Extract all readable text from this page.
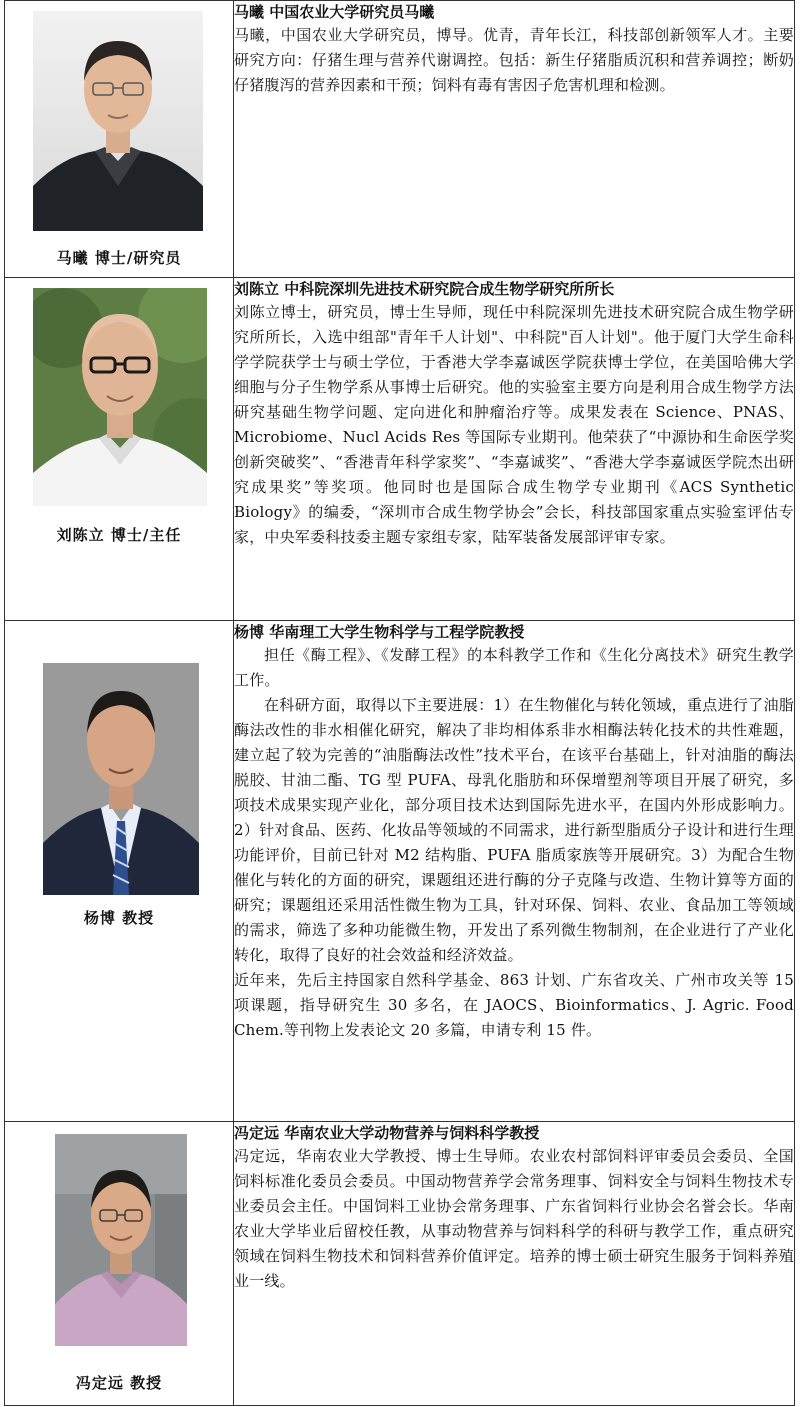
马曦 博士/研究员	马曦 中国农业大学研究员马曦

马曦，中国农业大学研究员，博导。优青，青年长江，科技部创新领军人才。主要研究方向：仔猪生理与营养代谢调控。包括：新生仔猪脂质沉积和营养调控；断奶仔猪腹泻的营养因素和干预；饲料有毒有害因子危害机理和检测。

刘陈立 博士/主任	刘陈立 中科院深圳先进技术研究院合成生物学研究所所长

刘陈立博士，研究员，博士生导师，现任中科院深圳先进技术研究院合成生物学研究所所长，入选中组部"青年千人计划"、中科院"百人计划"。他于厦门大学生命科学学院获学士与硕士学位，于香港大学李嘉诚医学院获博士学位，在美国哈佛大学细胞与分子生物学系从事博士后研究。他的实验室主要方向是利用合成生物学方法研究基础生物学问题、定向进化和肿瘤治疗等。成果发表在 Science、PNAS、Microbiome、Nucl Acids Res 等国际专业期刊。他荣获了“中源协和生命医学奖创新突破奖”、“香港青年科学家奖”、“李嘉诚奖”、“香港大学李嘉诚医学院杰出研究成果奖”等奖项。他同时也是国际合成生物学专业期刊《ACS Synthetic Biology》的编委，“深圳市合成生物学协会”会长，科技部国家重点实验室评估专家，中央军委科技委主题专家组专家，陆军装备发展部评审专家。

杨博 教授	杨博 华南理工大学生物科学与工程学院教授

担任《酶工程》、《发酵工程》的本科教学工作和《生化分离技术》研究生教学工作。

在科研方面，取得以下主要进展：1）在生物催化与转化领域，重点进行了油脂酶法改性的非水相催化研究，解决了非均相体系非水相酶法转化技术的共性难题，建立起了较为完善的“油脂酶法改性”技术平台，在该平台基础上，针对油脂的酶法脱胶、甘油二酯、TG 型 PUFA、母乳化脂肪和环保增塑剂等项目开展了研究，多项技术成果实现产业化，部分项目技术达到国际先进水平，在国内外形成影响力。2）针对食品、医药、化妆品等领域的不同需求，进行新型脂质分子设计和进行生理功能评价，目前已针对 M2 结构脂、PUFA 脂质家族等开展研究。3）为配合生物催化与转化的方面的研究，课题组还进行酶的分子克隆与改造、生物计算等方面的研究；课题组还采用活性微生物为工具，针对环保、饲料、农业、食品加工等领域的需求，筛选了多种功能微生物，开发出了系列微生物制剂，在企业进行了产业化转化，取得了良好的社会效益和经济效益。

近年来，先后主持国家自然科学基金、863 计划、广东省攻关、广州市攻关等 15 项课题，指导研究生 30 多名，在 JAOCS、Bioinformatics、J. Agric. Food Chem.等刊物上发表论文 20 多篇，申请专利 15 件。

冯定远 教授	冯定远 华南农业大学动物营养与饲料科学教授

冯定远，华南农业大学教授、博士生导师。农业农村部饲料评审委员会委员、全国饲料标准化委员会委员。中国动物营养学会常务理事、饲料安全与饲料生物技术专业委员会主任。中国饲料工业协会常务理事、广东省饲料行业协会名誉会长。华南农业大学毕业后留校任教，从事动物营养与饲料科学的科研与教学工作，重点研究领域在饲料生物技术和饲料营养价值评定。培养的博士硕士研究生服务于饲料养殖业一线。
